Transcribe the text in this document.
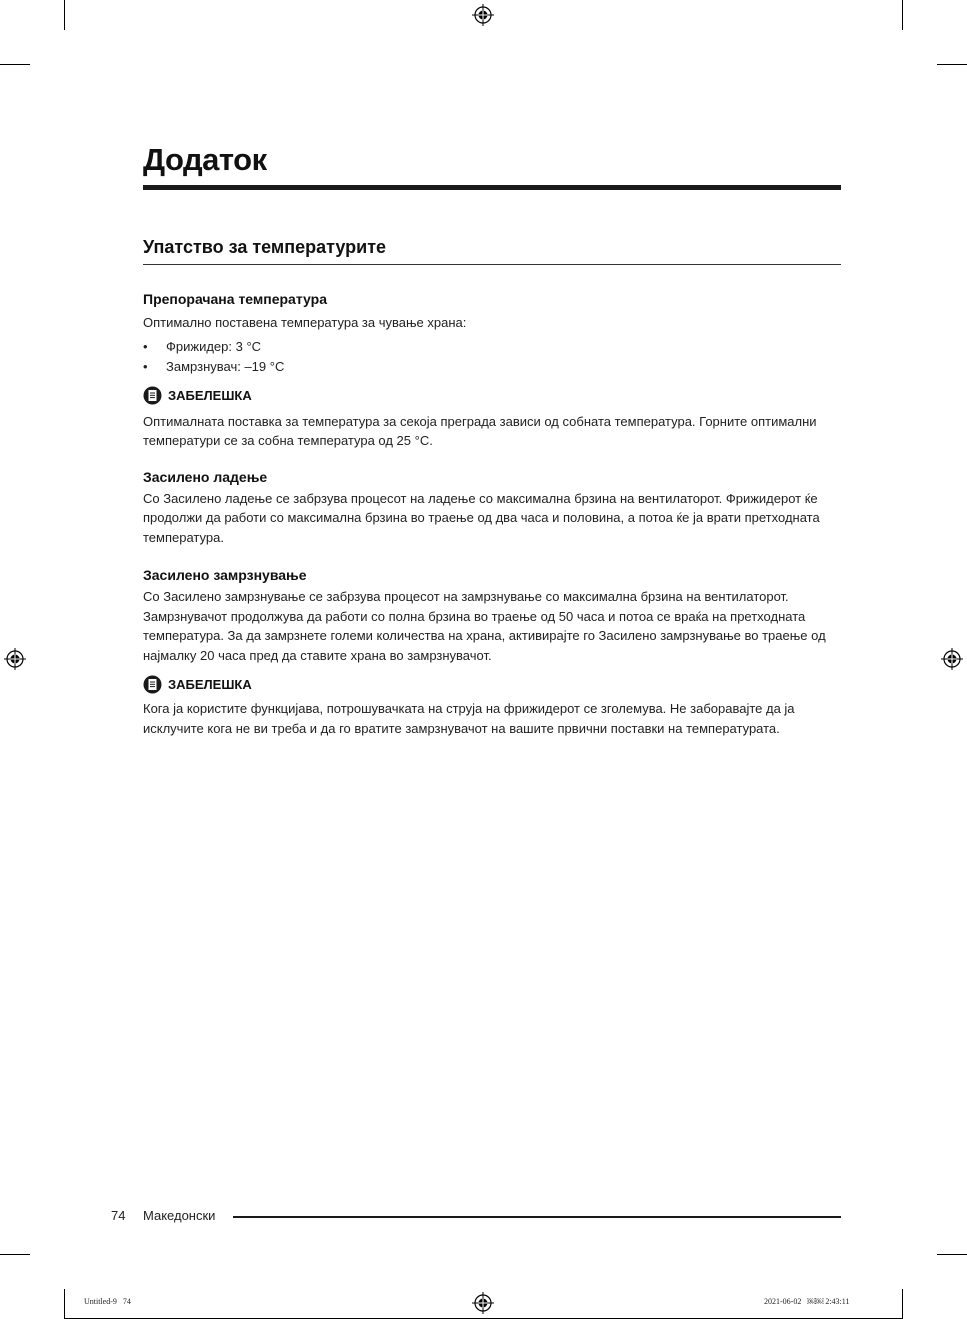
Додаток
Упатство за температурите

Препорачана температура

Оптимално поставена температура за чување храна:

• Фрижидер: 3 °C
• Замрзнувач: –19 °C
ЗАБЕЛЕШКА

Оптималната поставка за температура за секоја преграда зависи од собната температура. Горните оптимални
температури се за собна температура од 25 °C.

Засилено ладење

Со Засилено ладење се забрзува процесот на ладење со максимална брзина на вентилаторот. Фрижидерот ќе
продолжи да работи со максимална брзина во траење од два часа и половина, а потоа ќе ја врати претходната
температура.

Засилено замрзнување

Со Засилено замрзнување се забрзува процесот на замрзнување со максимална брзина на вентилаторот.
Замрзнувачот продолжува да работи со полна брзина во траење од 50 часа и потоа се враќа на претходната
температура. За да замрзнете големи количества на храна, активирајте го Засилено замрзнување во траење од
најмалку 20 часа пред да ставите храна во замрзнувачот.

ЗАБЕЛЕШКА

Кога ја користите функцијава, потрошувачката на струја на фрижидерот се зголемува. Не заборавајте да ја
исклучите кога не ви треба и да го вратите замрзнувачот на вашите првични поставки на температурата.

74 Македонски
Untitled-9   74	2021-06-02   ￼￼ 2:43:11
